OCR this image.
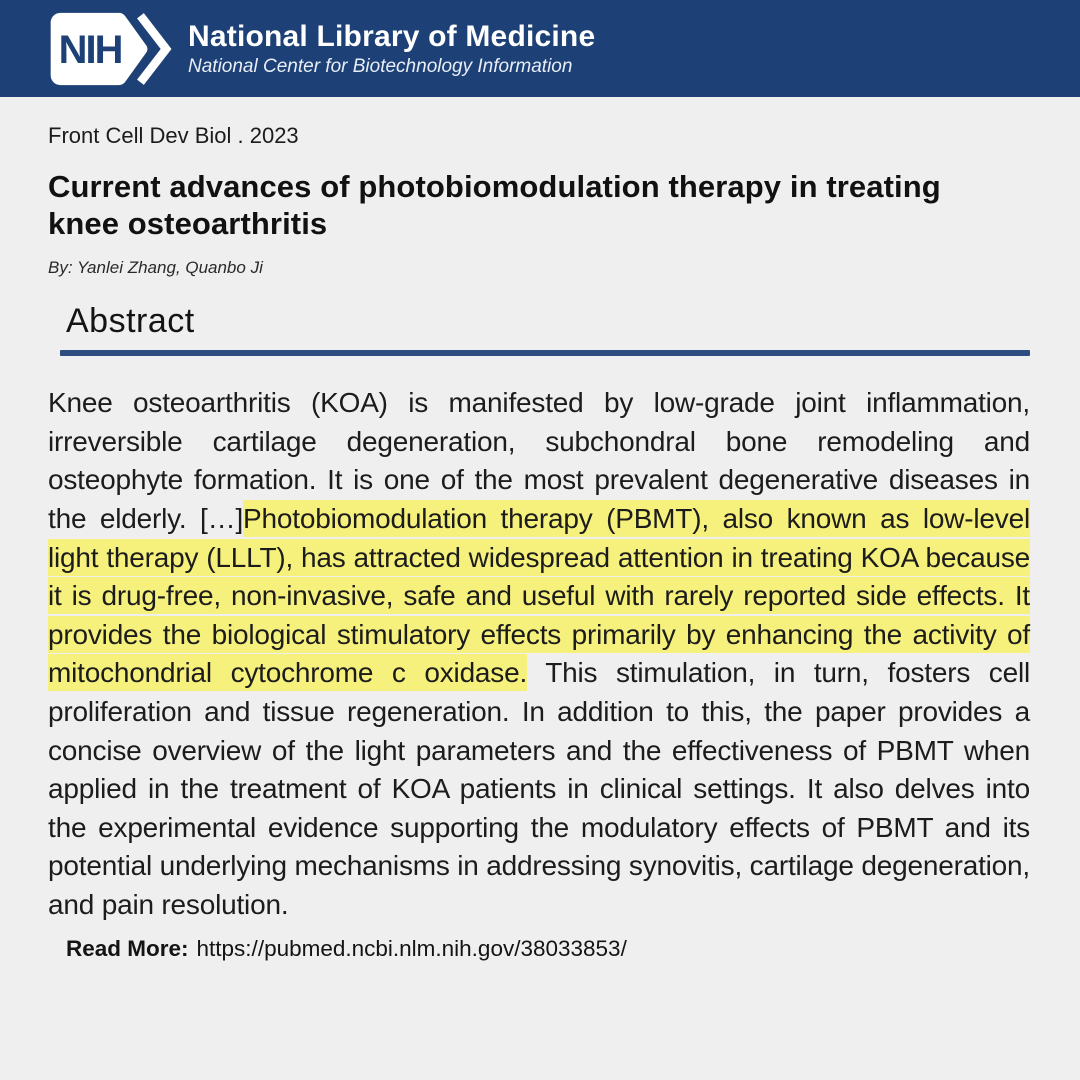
NIH National Library of Medicine
National Center for Biotechnology Information
Front Cell Dev Biol . 2023
Current advances of photobiomodulation therapy in treating knee osteoarthritis
By: Yanlei Zhang, Quanbo Ji
Abstract

Knee osteoarthritis (KOA) is manifested by low-grade joint inflammation, irreversible cartilage degeneration, subchondral bone remodeling and osteophyte formation. It is one of the most prevalent degenerative diseases in the elderly. […]Photobiomodulation therapy (PBMT), also known as low-level light therapy (LLLT), has attracted widespread attention in treating KOA because it is drug-free, non-invasive, safe and useful with rarely reported side effects. It provides the biological stimulatory effects primarily by enhancing the activity of mitochondrial cytochrome c oxidase. This stimulation, in turn, fosters cell proliferation and tissue regeneration. In addition to this, the paper provides a concise overview of the light parameters and the effectiveness of PBMT when applied in the treatment of KOA patients in clinical settings. It also delves into the experimental evidence supporting the modulatory effects of PBMT and its potential underlying mechanisms in addressing synovitis, cartilage degeneration, and pain resolution.

Read More: https://pubmed.ncbi.nlm.nih.gov/38033853/
